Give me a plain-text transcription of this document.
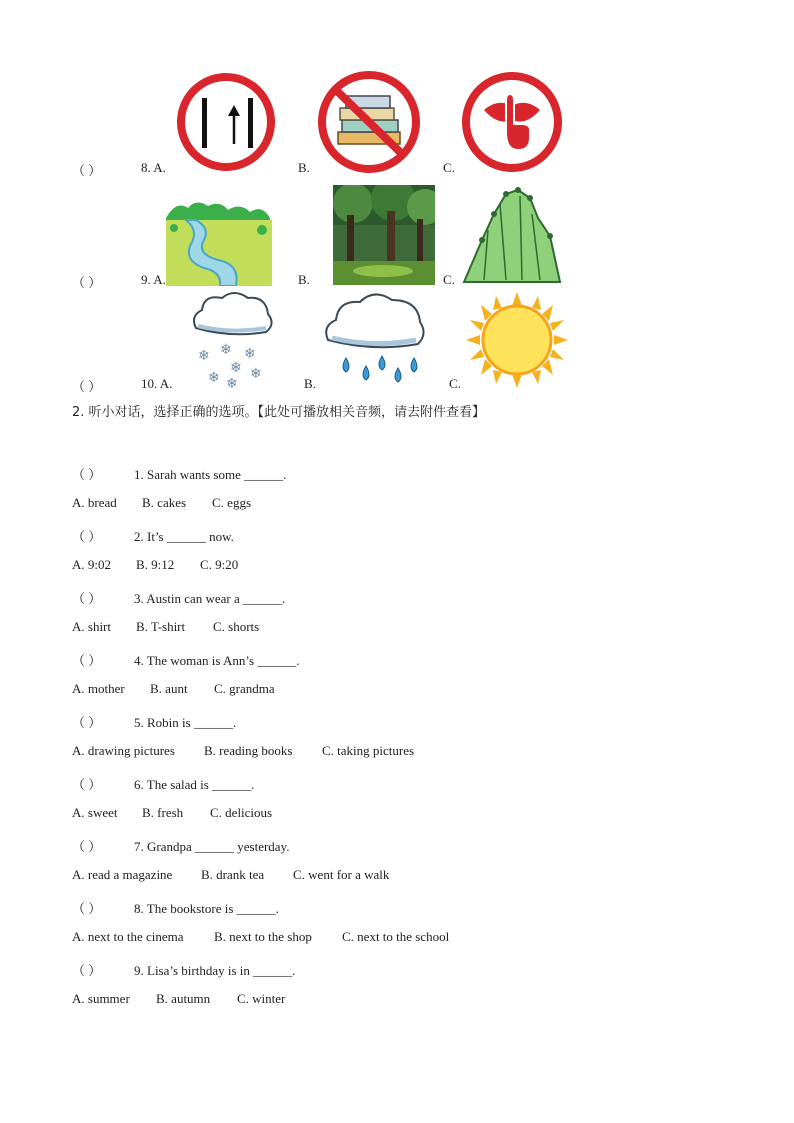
（ ）	8. A.	B.	C.
（ ）	9. A.	B.	C.
❄ ❄ ❄
❄
❄ ❄
❄
（ ）	10. A.	B.	C.
2. 听小对话，选择正确的选项。【此处可播放相关音频，请去附件查看】
（ ）	1. Sarah wants some ______.
A. bread B. cakes C. eggs
（ ）	2. It’s ______ now.
A. 9:02 B. 9:12 C. 9:20
（ ）	3. Austin can wear a ______.
A. shirt B. T-shirt C. shorts
（ ）	4. The woman is Ann’s ______.
A. mother B. aunt C. grandma
（ ）	5. Robin is ______.
A. drawing pictures B. reading books C. taking pictures
（ ）	6. The salad is ______.
A. sweet B. fresh C. delicious
（ ）	7. Grandpa ______ yesterday.
A. read a magazine B. drank tea C. went for a walk
（ ）	8. The bookstore is ______.
A. next to the cinema B. next to the shop C. next to the school
（ ）	9. Lisa’s birthday is in ______.
A. summer B. autumn C. winter
